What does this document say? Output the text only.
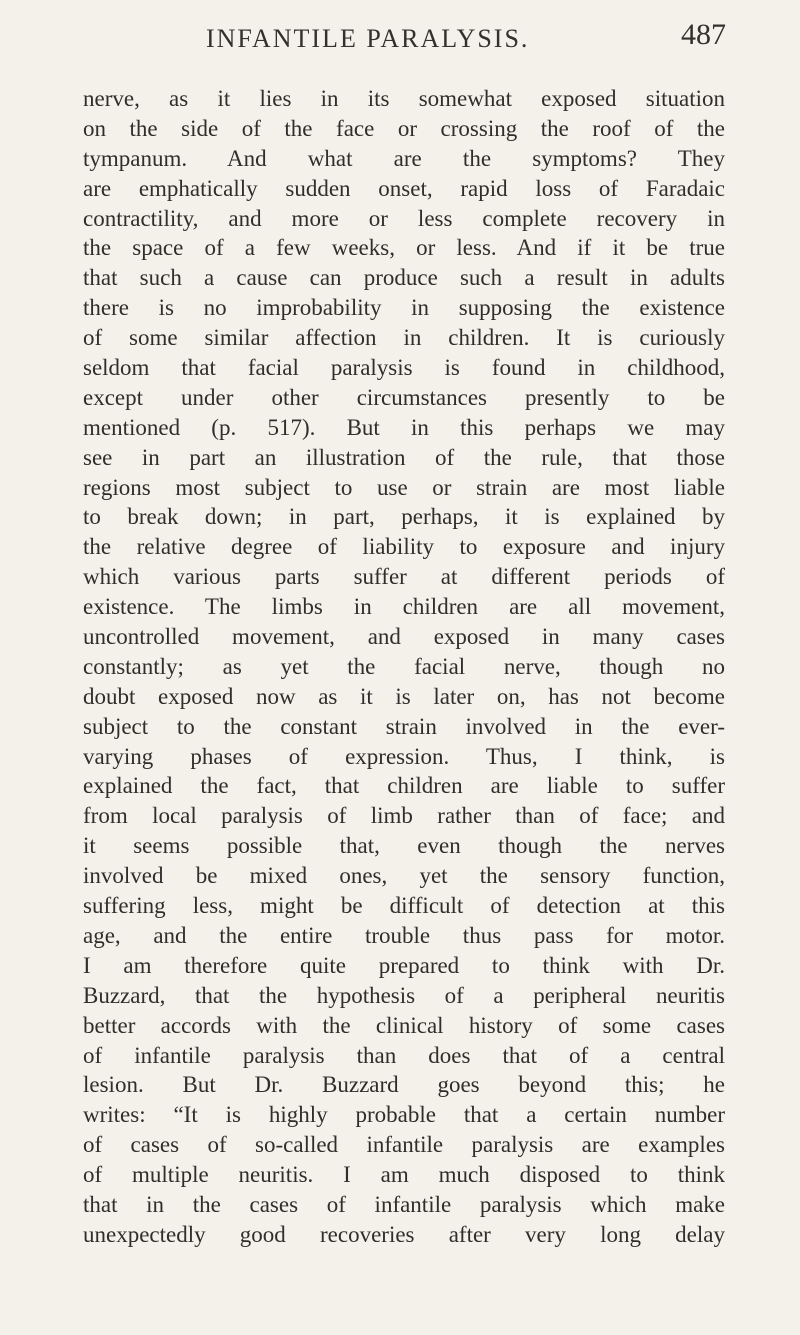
INFANTILE PARALYSIS.	487
nerve, as it lies in its somewhat exposed situation
on the side of the face or crossing the roof of the
tympanum. And what are the symptoms? They
are emphatically sudden onset, rapid loss of Faradaic
contractility, and more or less complete recovery in
the space of a few weeks, or less. And if it be true
that such a cause can produce such a result in adults
there is no improbability in supposing the existence
of some similar affection in children. It is curiously
seldom that facial paralysis is found in childhood,
except under other circumstances presently to be
mentioned (p. 517). But in this perhaps we may
see in part an illustration of the rule, that those
regions most subject to use or strain are most liable
to break down; in part, perhaps, it is explained by
the relative degree of liability to exposure and injury
which various parts suffer at different periods of
existence. The limbs in children are all movement,
uncontrolled movement, and exposed in many cases
constantly; as yet the facial nerve, though no
doubt exposed now as it is later on, has not become
subject to the constant strain involved in the ever-
varying phases of expression. Thus, I think, is
explained the fact, that children are liable to suffer
from local paralysis of limb rather than of face; and
it seems possible that, even though the nerves
involved be mixed ones, yet the sensory function,
suffering less, might be difficult of detection at this
age, and the entire trouble thus pass for motor.
I am therefore quite prepared to think with Dr.
Buzzard, that the hypothesis of a peripheral neuritis
better accords with the clinical history of some cases
of infantile paralysis than does that of a central
lesion. But Dr. Buzzard goes beyond this; he
writes: “It is highly probable that a certain number
of cases of so-called infantile paralysis are examples
of multiple neuritis. I am much disposed to think
that in the cases of infantile paralysis which make
unexpectedly good recoveries after very long delay
